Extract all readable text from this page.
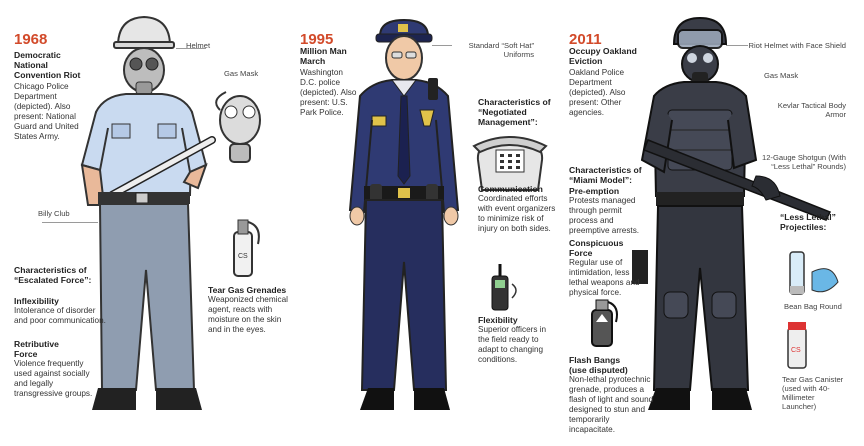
1968
Democratic National Convention Riot
Chicago Police Department (depicted). Also present: National Guard and United States Army.
CS
Helmet
Gas Mask
Billy Club
Tear Gas Grenades
Weaponized chemical agent, reacts with moisture on the skin and in the eyes.
Characteristics of “Escalated Force”:
Inflexibility
Intolerance of disorder and poor communication.
Retributive Force
Violence frequently used against socially and legally transgressive groups.
1995
Million Man March
Washington D.C. police (depicted). Also present: U.S. Park Police.
Standard “Soft Hat” Uniforms
Characteristics of “Negotiated Management”:
Communication
Coordinated efforts with event organizers to minimize risk of injury on both sides.
Flexibility
Superior officers in the field ready to adapt to changing conditions.
2011
Occupy Oakland Eviction
Oakland Police Department (depicted). Also present: Other agencies.
CS
Riot Helmet with Face Shield
Gas Mask
Kevlar Tactical Body Armor
12-Gauge Shotgun (With “Less Lethal” Rounds)
“Less Lethal” Projectiles:
Bean Bag Round
Tear Gas Canister (used with 40-Millimeter Launcher)
Flash Bangs (use disputed)
Non-lethal pyrotechnic grenade, produces a flash of light and sound designed to stun and temporarily incapacitate.
Characteristics of “Miami Model”:
Pre-emption
Protests managed through permit process and preemptive arrests.
Conspicuous Force
Regular use of intimidation, less lethal weapons and physical force.
